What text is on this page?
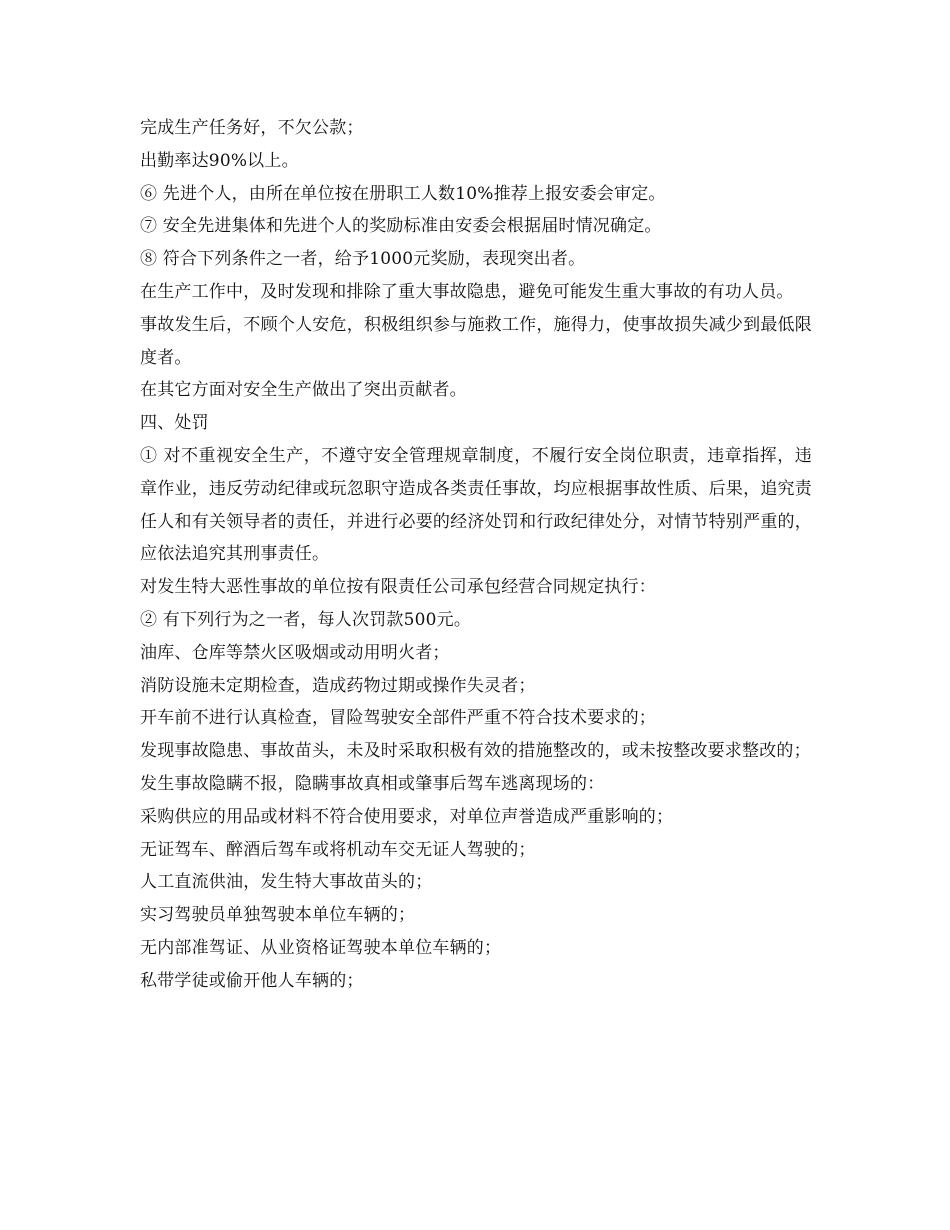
完成生产任务好，不欠公款；

出勤率达90%以上。

⑥ 先进个人，由所在单位按在册职工人数10%推荐上报安委会审定。

⑦ 安全先进集体和先进个人的奖励标准由安委会根据届时情况确定。

⑧ 符合下列条件之一者，给予1000元奖励，表现突出者。

在生产工作中，及时发现和排除了重大事故隐患，避免可能发生重大事故的有功人员。

事故发生后，不顾个人安危，积极组织参与施救工作，施得力，使事故损失减少到最低限度者。

在其它方面对安全生产做出了突出贡献者。

四、处罚

① 对不重视安全生产，不遵守安全管理规章制度，不履行安全岗位职责，违章指挥，违章作业，违反劳动纪律或玩忽职守造成各类责任事故，均应根据事故性质、后果，追究责任人和有关领导者的责任，并进行必要的经济处罚和行政纪律处分，对情节特别严重的，应依法追究其刑事责任。

对发生特大恶性事故的单位按有限责任公司承包经营合同规定执行：

② 有下列行为之一者，每人次罚款500元。

油库、仓库等禁火区吸烟或动用明火者；

消防设施未定期检查，造成药物过期或操作失灵者；

开车前不进行认真检查，冒险驾驶安全部件严重不符合技术要求的；

发现事故隐患、事故苗头，未及时采取积极有效的措施整改的，或未按整改要求整改的；

发生事故隐瞒不报，隐瞒事故真相或肇事后驾车逃离现场的：

采购供应的用品或材料不符合使用要求，对单位声誉造成严重影响的；

无证驾车、醉酒后驾车或将机动车交无证人驾驶的；

人工直流供油，发生特大事故苗头的；

实习驾驶员单独驾驶本单位车辆的；

无内部准驾证、从业资格证驾驶本单位车辆的；

私带学徒或偷开他人车辆的；
